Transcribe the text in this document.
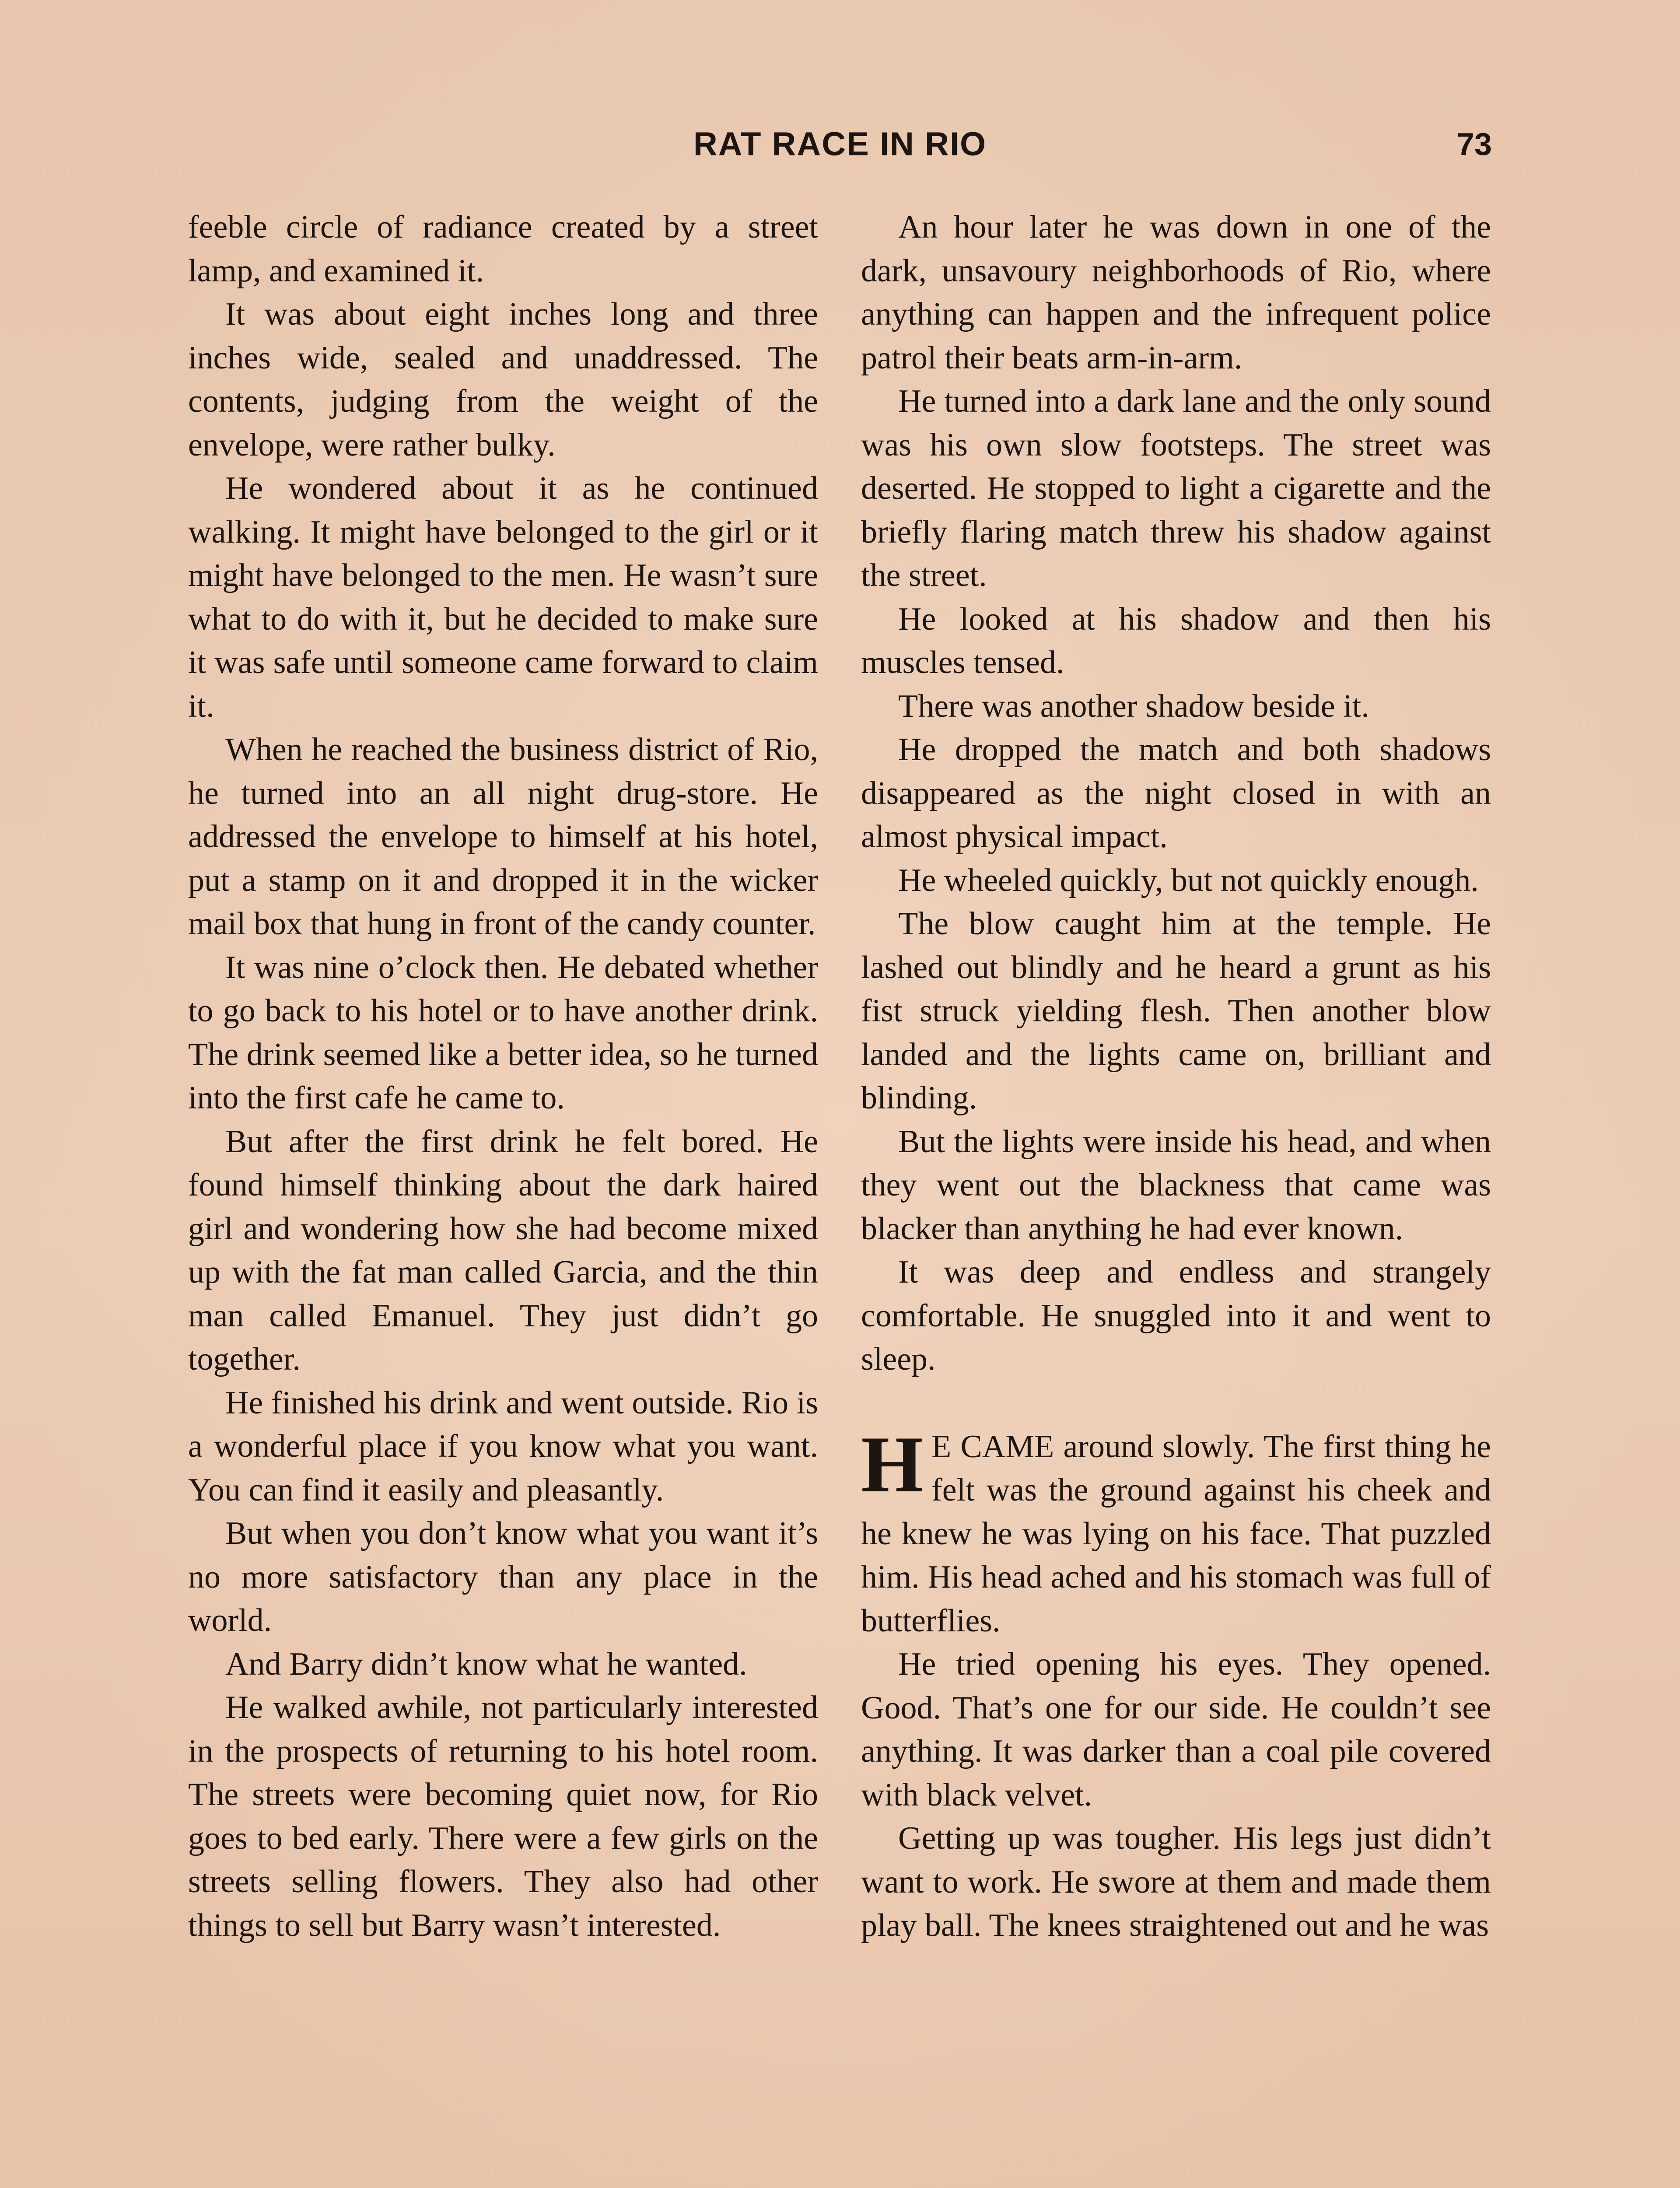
RAT RACE IN RIO	73

feeble circle of radiance created by a street lamp, and examined it.

It was about eight inches long and three inches wide, sealed and unaddressed. The contents, judging from the weight of the envelope, were rather bulky.

He wondered about it as he continued walking. It might have belonged to the girl or it might have belonged to the men. He wasn’t sure what to do with it, but he decided to make sure it was safe until someone came forward to claim it.

When he reached the business district of Rio, he turned into an all night drug-store. He addressed the envelope to himself at his hotel, put a stamp on it and dropped it in the wicker mail box that hung in front of the candy counter.

It was nine o’clock then. He debated whether to go back to his hotel or to have another drink. The drink seemed like a better idea, so he turned into the first cafe he came to.

But after the first drink he felt bored. He found himself thinking about the dark haired girl and wondering how she had become mixed up with the fat man called Garcia, and the thin man called Emanuel. They just didn’t go together.

He finished his drink and went outside. Rio is a wonderful place if you know what you want. You can find it easily and pleasantly.

But when you don’t know what you want it’s no more satisfactory than any place in the world.

And Barry didn’t know what he wanted.

He walked awhile, not particularly interested in the prospects of returning to his hotel room. The streets were becoming quiet now, for Rio goes to bed early. There were a few girls on the streets selling flowers. They also had other things to sell but Barry wasn’t interested.

An hour later he was down in one of the dark, unsavoury neighborhoods of Rio, where anything can happen and the infrequent police patrol their beats arm-in-arm.

He turned into a dark lane and the only sound was his own slow footsteps. The street was deserted. He stopped to light a cigarette and the briefly flaring match threw his shadow against the street.

He looked at his shadow and then his muscles tensed.

There was another shadow beside it.

He dropped the match and both shadows disappeared as the night closed in with an almost physical impact.

He wheeled quickly, but not quickly enough.

The blow caught him at the temple. He lashed out blindly and he heard a grunt as his fist struck yielding flesh. Then another blow landed and the lights came on, brilliant and blinding.

But the lights were inside his head, and when they went out the blackness that came was blacker than anything he had ever known.

It was deep and endless and strangely comfortable. He snuggled into it and went to sleep.

H E CAME around slowly. The first thing he felt was the ground against his cheek and he knew he was lying on his face. That puzzled him. His head ached and his stomach was full of butterflies.

He tried opening his eyes. They opened. Good. That’s one for our side. He couldn’t see anything. It was darker than a coal pile covered with black velvet.

Getting up was tougher. His legs just didn’t want to work. He swore at them and made them play ball. The knees straightened out and he was
